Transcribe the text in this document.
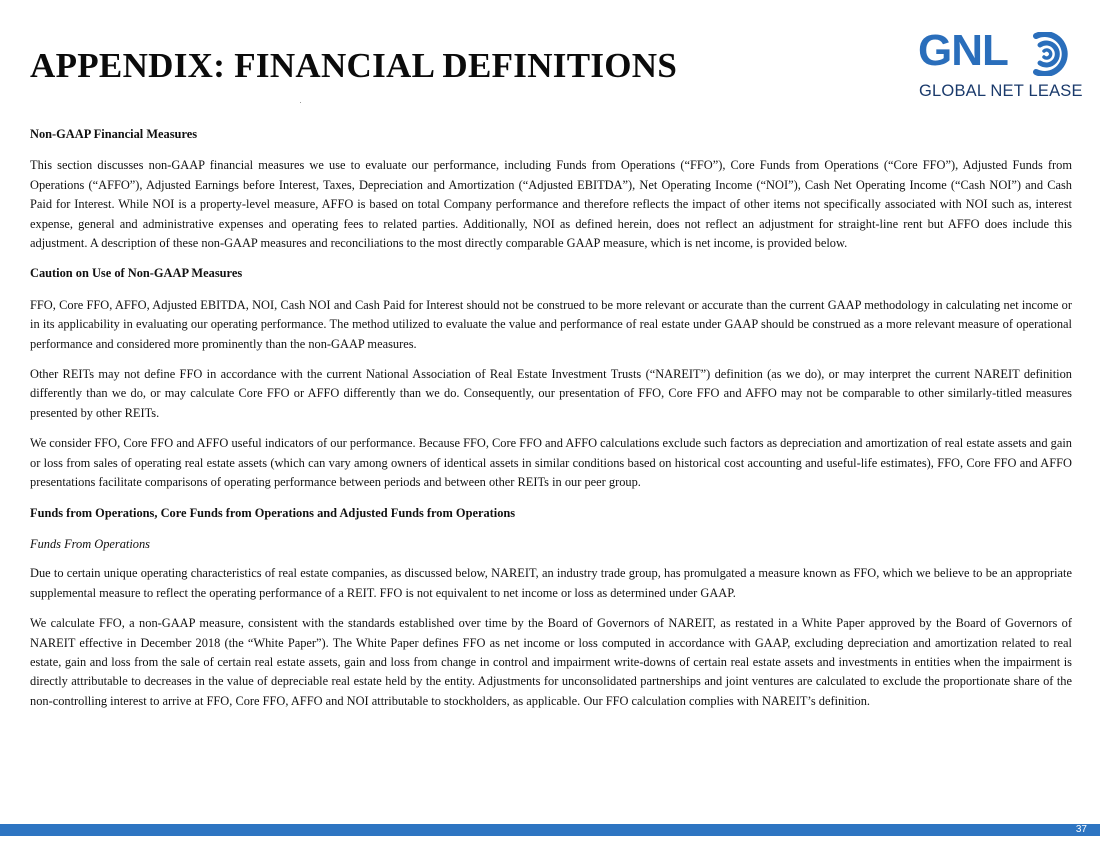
APPENDIX: FINANCIAL DEFINITIONS	GNL
GLOBAL NET LEASE
Non-GAAP Financial Measures

This section discusses non-GAAP financial measures we use to evaluate our performance, including Funds from Operations (“FFO”), Core Funds from Operations (“Core FFO”), Adjusted Funds from Operations (“AFFO”), Adjusted Earnings before Interest, Taxes, Depreciation and Amortization (“Adjusted EBITDA”), Net Operating Income (“NOI”), Cash Net Operating Income (“Cash NOI”) and Cash Paid for Interest. While NOI is a property-level measure, AFFO is based on total Company performance and therefore reflects the impact of other items not specifically associated with NOI such as, interest expense, general and administrative expenses and operating fees to related parties. Additionally, NOI as defined herein, does not reflect an adjustment for straight-line rent but AFFO does include this adjustment. A description of these non-GAAP measures and reconciliations to the most directly comparable GAAP measure, which is net income, is provided below.

Caution on Use of Non-GAAP Measures

FFO, Core FFO, AFFO, Adjusted EBITDA, NOI, Cash NOI and Cash Paid for Interest should not be construed to be more relevant or accurate than the current GAAP methodology in calculating net income or in its applicability in evaluating our operating performance. The method utilized to evaluate the value and performance of real estate under GAAP should be construed as a more relevant measure of operational performance and considered more prominently than the non-GAAP measures.

Other REITs may not define FFO in accordance with the current National Association of Real Estate Investment Trusts (“NAREIT”) definition (as we do), or may interpret the current NAREIT definition differently than we do, or may calculate Core FFO or AFFO differently than we do. Consequently, our presentation of FFO, Core FFO and AFFO may not be comparable to other similarly-titled measures presented by other REITs.

We consider FFO, Core FFO and AFFO useful indicators of our performance. Because FFO, Core FFO and AFFO calculations exclude such factors as depreciation and amortization of real estate assets and gain or loss from sales of operating real estate assets (which can vary among owners of identical assets in similar conditions based on historical cost accounting and useful-life estimates), FFO, Core FFO and AFFO presentations facilitate comparisons of operating performance between periods and between other REITs in our peer group.

Funds from Operations, Core Funds from Operations and Adjusted Funds from Operations

Funds From Operations

Due to certain unique operating characteristics of real estate companies, as discussed below, NAREIT, an industry trade group, has promulgated a measure known as FFO, which we believe to be an appropriate supplemental measure to reflect the operating performance of a REIT. FFO is not equivalent to net income or loss as determined under GAAP.

We calculate FFO, a non-GAAP measure, consistent with the standards established over time by the Board of Governors of NAREIT, as restated in a White Paper approved by the Board of Governors of NAREIT effective in December 2018 (the “White Paper”). The White Paper defines FFO as net income or loss computed in accordance with GAAP, excluding depreciation and amortization related to real estate, gain and loss from the sale of certain real estate assets, gain and loss from change in control and impairment write-downs of certain real estate assets and investments in entities when the impairment is directly attributable to decreases in the value of depreciable real estate held by the entity. Adjustments for unconsolidated partnerships and joint ventures are calculated to exclude the proportionate share of the non-controlling interest to arrive at FFO, Core FFO, AFFO and NOI attributable to stockholders, as applicable. Our FFO calculation complies with NAREIT’s definition.

37
